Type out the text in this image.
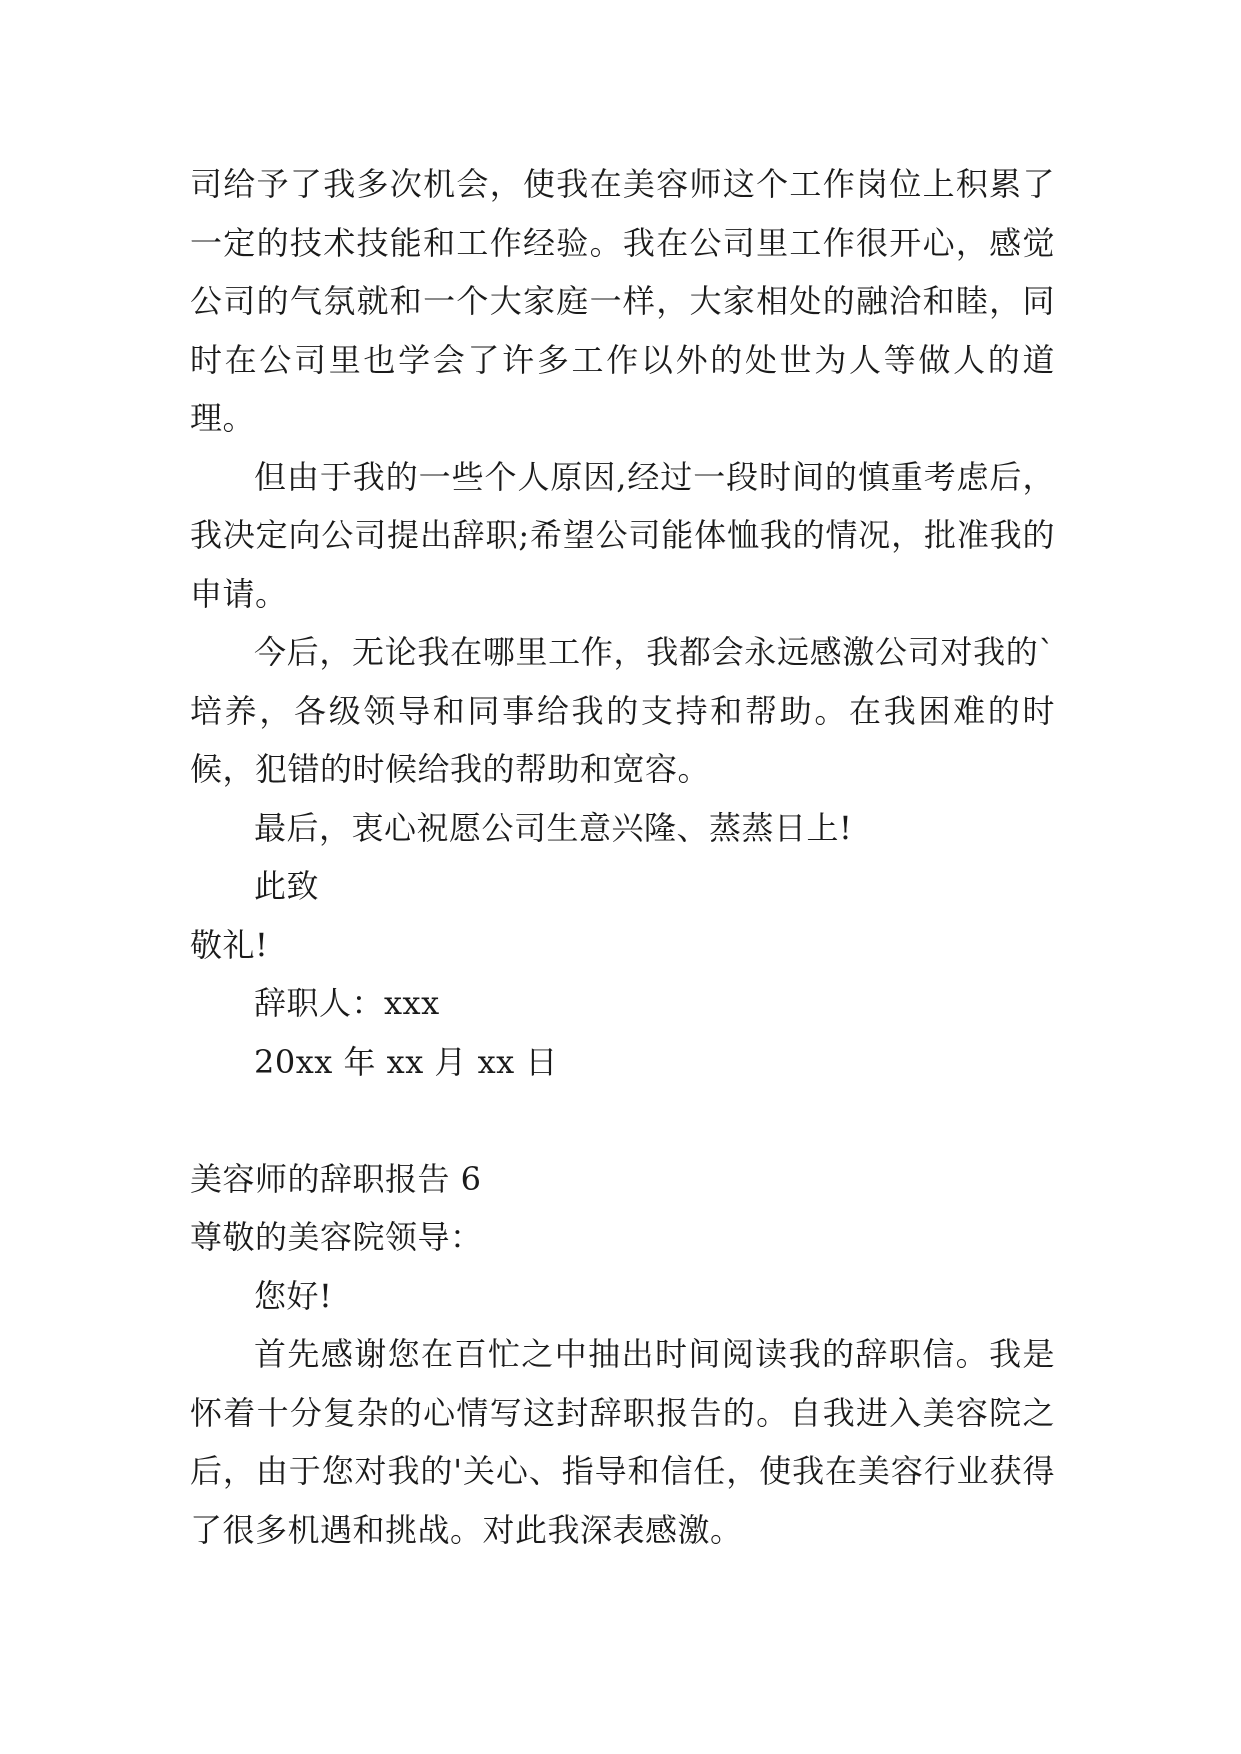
司给予了我多次机会，使我在美容师这个工作岗位上积累了一定的技术技能和工作经验。我在公司里工作很开心，感觉公司的气氛就和一个大家庭一样，大家相处的融洽和睦，同时在公司里也学会了许多工作以外的处世为人等做人的道理。

但由于我的一些个人原因,经过一段时间的慎重考虑后，我决定向公司提出辞职;希望公司能体恤我的情况，批准我的申请。

今后，无论我在哪里工作，我都会永远感激公司对我的`培养，各级领导和同事给我的支持和帮助。在我困难的时候，犯错的时候给我的帮助和宽容。

最后，衷心祝愿公司生意兴隆、蒸蒸日上!

此致

敬礼!

辞职人：xxx

20xx 年 xx 月 xx 日

美容师的辞职报告 6

尊敬的美容院领导：

您好!

首先感谢您在百忙之中抽出时间阅读我的辞职信。我是怀着十分复杂的心情写这封辞职报告的。自我进入美容院之后，由于您对我的'关心、指导和信任，使我在美容行业获得了很多机遇和挑战。对此我深表感激。
